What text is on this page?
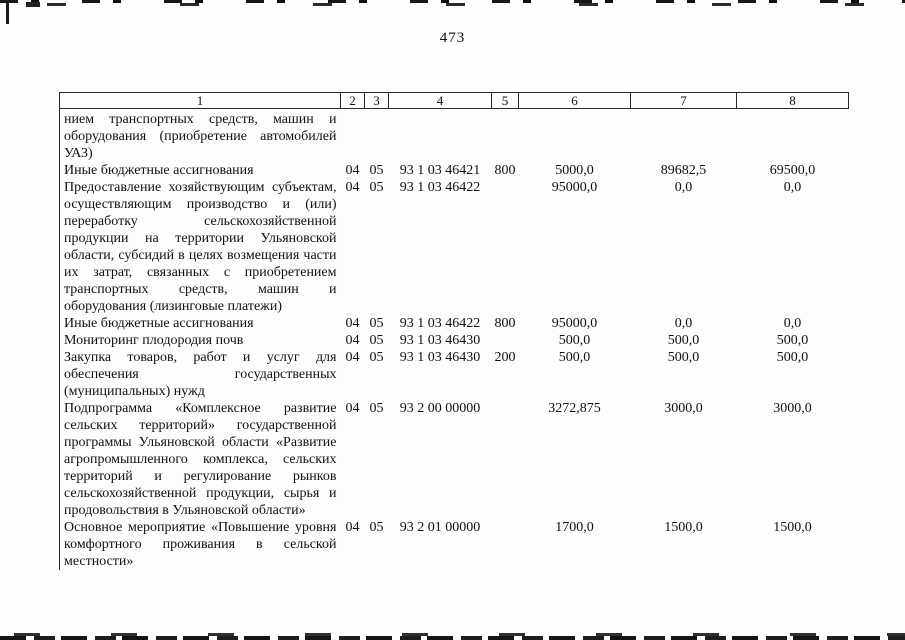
473
1	2	3	4	5	6	7	8
нием транспортных средств, машин и оборудования (приобретение автомобилей УАЗ)							
Иные бюджетные ассигнования	04	05	93 1 03 46421	800	5000,0	89682,5	69500,0
Предоставление хозяйствующим субъектам, осуществляющим производство и (или) переработку сельскохозяйственной продукции на территории Ульяновской области, субсидий в целях возмещения части их затрат, связанных с приобретением транспортных средств, машин и оборудования (лизинговые платежи)	04	05	93 1 03 46422		95000,0	0,0	0,0
Иные бюджетные ассигнования	04	05	93 1 03 46422	800	95000,0	0,0	0,0
Мониторинг плодородия почв	04	05	93 1 03 46430		500,0	500,0	500,0
Закупка товаров, работ и услуг для обеспечения государственных (муниципальных) нужд	04	05	93 1 03 46430	200	500,0	500,0	500,0
Подпрограмма «Комплексное развитие сельских территорий» государственной программы Ульяновской области «Развитие агропромышленного комплекса, сельских территорий и регулирование рынков сельскохозяйственной продукции, сырья и продовольствия в Ульяновской области»	04	05	93 2 00 00000		3272,875	3000,0	3000,0
Основное мероприятие «Повышение уровня комфортного проживания в сельской местности»	04	05	93 2 01 00000		1700,0	1500,0	1500,0
